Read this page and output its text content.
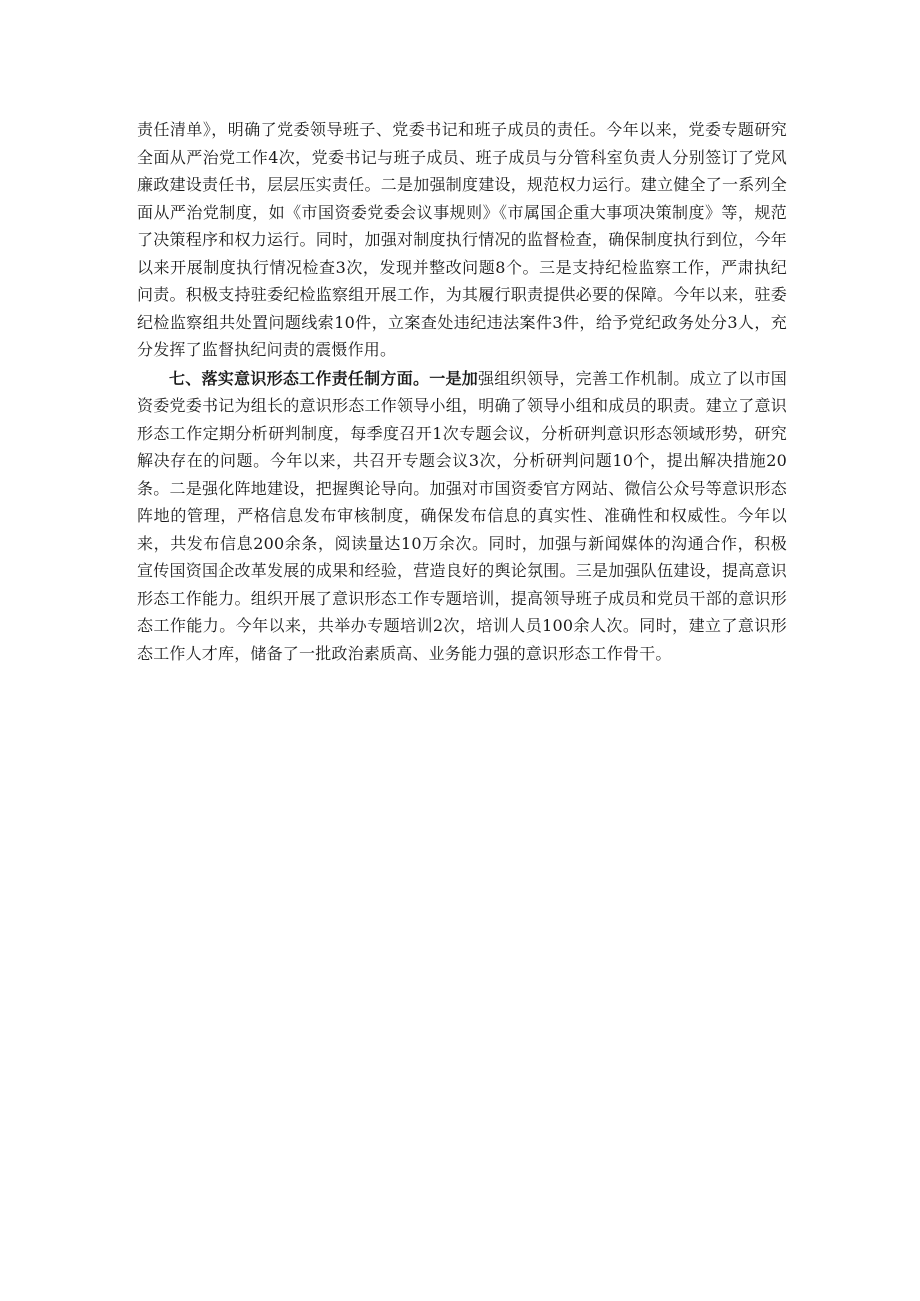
责任清单》，明确了党委领导班子、党委书记和班子成员的责任。今年以来，党委专题研究全面从严治党工作4次，党委书记与班子成员、班子成员与分管科室负责人分别签订了党风廉政建设责任书，层层压实责任。二是加强制度建设，规范权力运行。建立健全了一系列全面从严治党制度，如《市国资委党委会议事规则》《市属国企重大事项决策制度》等，规范了决策程序和权力运行。同时，加强对制度执行情况的监督检查，确保制度执行到位，今年以来开展制度执行情况检查3次，发现并整改问题8个。三是支持纪检监察工作，严肃执纪问责。积极支持驻委纪检监察组开展工作，为其履行职责提供必要的保障。今年以来，驻委纪检监察组共处置问题线索10件，立案查处违纪违法案件3件，给予党纪政务处分3人，充分发挥了监督执纪问责的震慑作用。

七、落实意识形态工作责任制方面。一是加强组织领导，完善工作机制。成立了以市国资委党委书记为组长的意识形态工作领导小组，明确了领导小组和成员的职责。建立了意识形态工作定期分析研判制度，每季度召开1次专题会议，分析研判意识形态领域形势，研究解决存在的问题。今年以来，共召开专题会议3次，分析研判问题10个，提出解决措施20条。二是强化阵地建设，把握舆论导向。加强对市国资委官方网站、微信公众号等意识形态阵地的管理，严格信息发布审核制度，确保发布信息的真实性、准确性和权威性。今年以来，共发布信息200余条，阅读量达10万余次。同时，加强与新闻媒体的沟通合作，积极宣传国资国企改革发展的成果和经验，营造良好的舆论氛围。三是加强队伍建设，提高意识形态工作能力。组织开展了意识形态工作专题培训，提高领导班子成员和党员干部的意识形态工作能力。今年以来，共举办专题培训2次，培训人员100余人次。同时，建立了意识形态工作人才库，储备了一批政治素质高、业务能力强的意识形态工作骨干。
